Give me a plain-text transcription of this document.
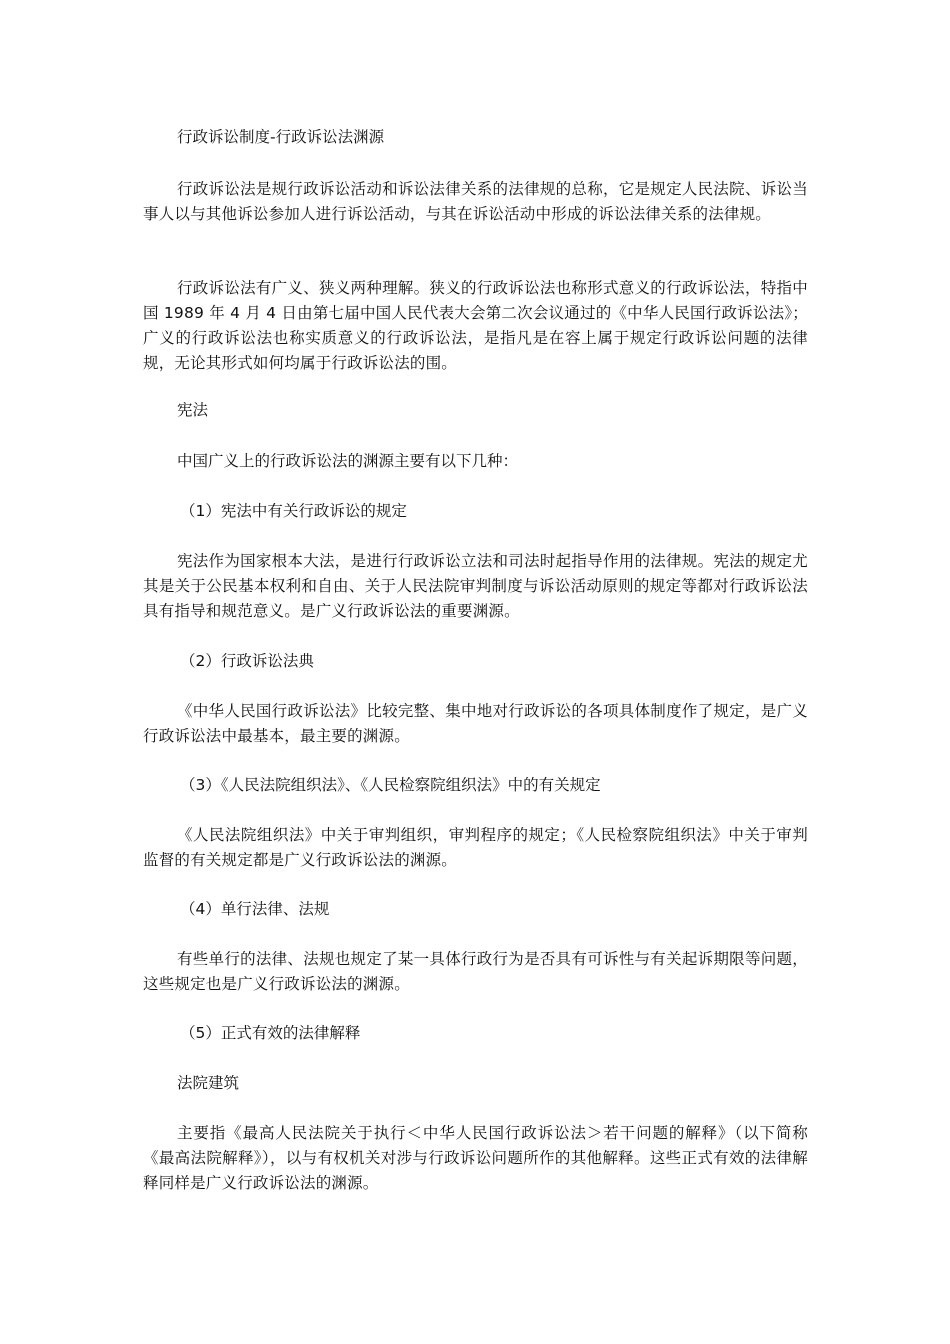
行政诉讼制度-行政诉讼法渊源

行政诉讼法是规行政诉讼活动和诉讼法律关系的法律规的总称，它是规定人民法院、诉讼当事人以与其他诉讼参加人进行诉讼活动，与其在诉讼活动中形成的诉讼法律关系的法律规。

行政诉讼法有广义、狭义两种理解。狭义的行政诉讼法也称形式意义的行政诉讼法，特指中国 1989 年 4 月 4 日由第七届中国人民代表大会第二次会议通过的《中华人民国行政诉讼法》；广义的行政诉讼法也称实质意义的行政诉讼法，是指凡是在容上属于规定行政诉讼问题的法律规，无论其形式如何均属于行政诉讼法的围。

宪法

中国广义上的行政诉讼法的渊源主要有以下几种：

（1）宪法中有关行政诉讼的规定

宪法作为国家根本大法，是进行行政诉讼立法和司法时起指导作用的法律规。宪法的规定尤其是关于公民基本权利和自由、关于人民法院审判制度与诉讼活动原则的规定等都对行政诉讼法具有指导和规范意义。是广义行政诉讼法的重要渊源。

（2）行政诉讼法典

《中华人民国行政诉讼法》比较完整、集中地对行政诉讼的各项具体制度作了规定，是广义行政诉讼法中最基本，最主要的渊源。

（3）《人民法院组织法》、《人民检察院组织法》中的有关规定

《人民法院组织法》中关于审判组织，审判程序的规定；《人民检察院组织法》中关于审判监督的有关规定都是广义行政诉讼法的渊源。

（4）单行法律、法规

有些单行的法律、法规也规定了某一具体行政行为是否具有可诉性与有关起诉期限等问题，这些规定也是广义行政诉讼法的渊源。

（5）正式有效的法律解释

法院建筑

主要指《最高人民法院关于执行＜中华人民国行政诉讼法＞若干问题的解释》（以下简称《最高法院解释》），以与有权机关对涉与行政诉讼问题所作的其他解释。这些正式有效的法律解释同样是广义行政诉讼法的渊源。
